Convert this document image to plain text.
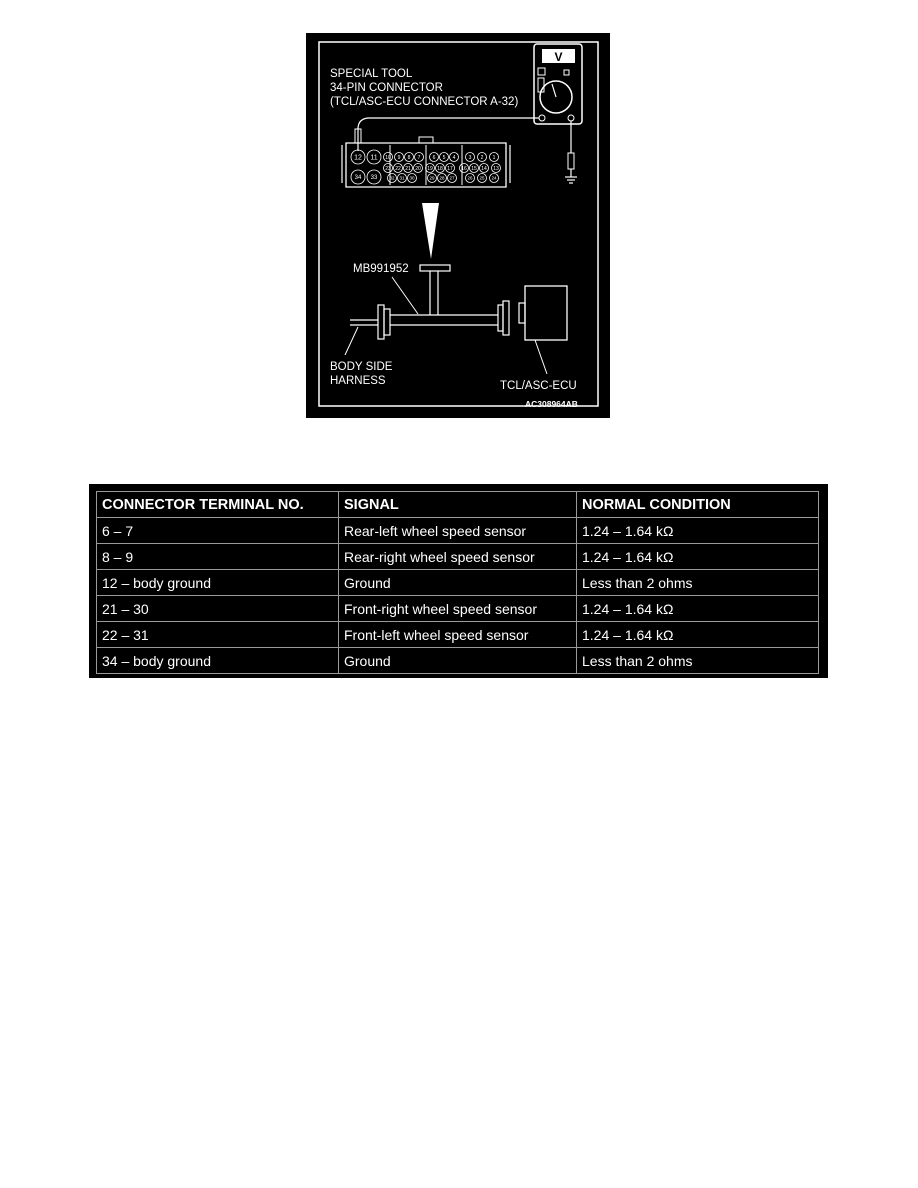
SPECIAL TOOL
34-PIN CONNECTOR
(TCL/ASC-ECU CONNECTOR A-32)
V
12 11 10 9 8 7 6 5 4	3 2 1
23 22 21 20 19 18 17 16 15 14 13
34 33	32 31 30	29 28 27	26 25 24
MB991952
BODY SIDE
HARNESS	TCL/ASC-ECU
AC308964AB
CONNECTOR TERMINAL NO.	SIGNAL	NORMAL CONDITION
6 – 7	Rear-left wheel speed sensor	1.24 – 1.64 kΩ
8 – 9	Rear-right wheel speed sensor	1.24 – 1.64 kΩ
12 – body ground	Ground	Less than 2 ohms
21 – 30	Front-right wheel speed sensor	1.24 – 1.64 kΩ
22 – 31	Front-left wheel speed sensor	1.24 – 1.64 kΩ
34 – body ground	Ground	Less than 2 ohms
